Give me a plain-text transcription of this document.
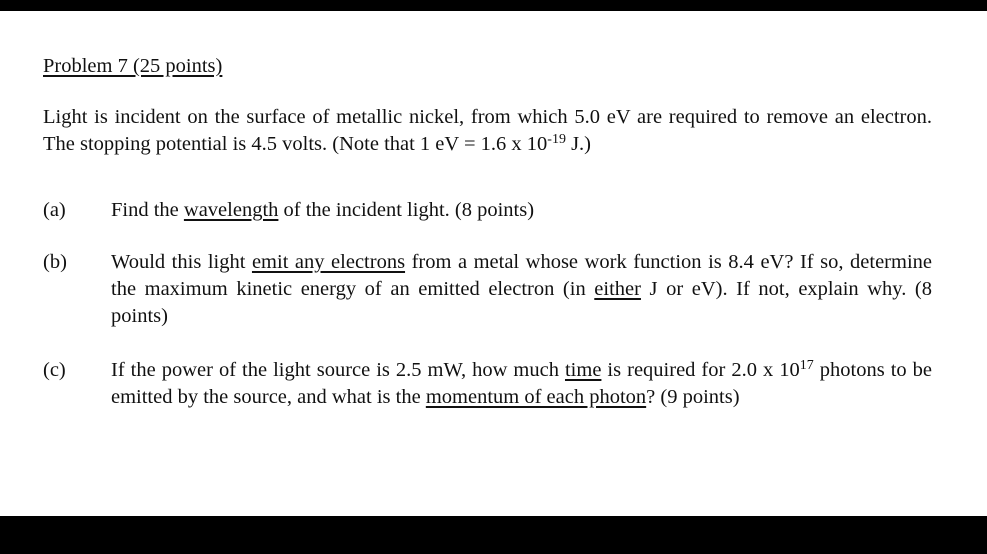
Problem 7 (25 points)
Light is incident on the surface of metallic nickel, from which 5.0 eV are required to remove an electron. The stopping potential is 4.5 volts. (Note that 1 eV = 1.6 x $10^{-19}$ J.)
(a) Find the wavelength of the incident light. (8 points)
(b) Would this light emit any electrons from a metal whose work function is 8.4 eV? If so, determine the maximum kinetic energy of an emitted electron (in either J or eV). If not, explain why. (8 points)
(c) If the power of the light source is 2.5 mW, how much time is required for 2.0 x $10^{17}$ photons to be emitted by the source, and what is the momentum of each photon? (9 points)
